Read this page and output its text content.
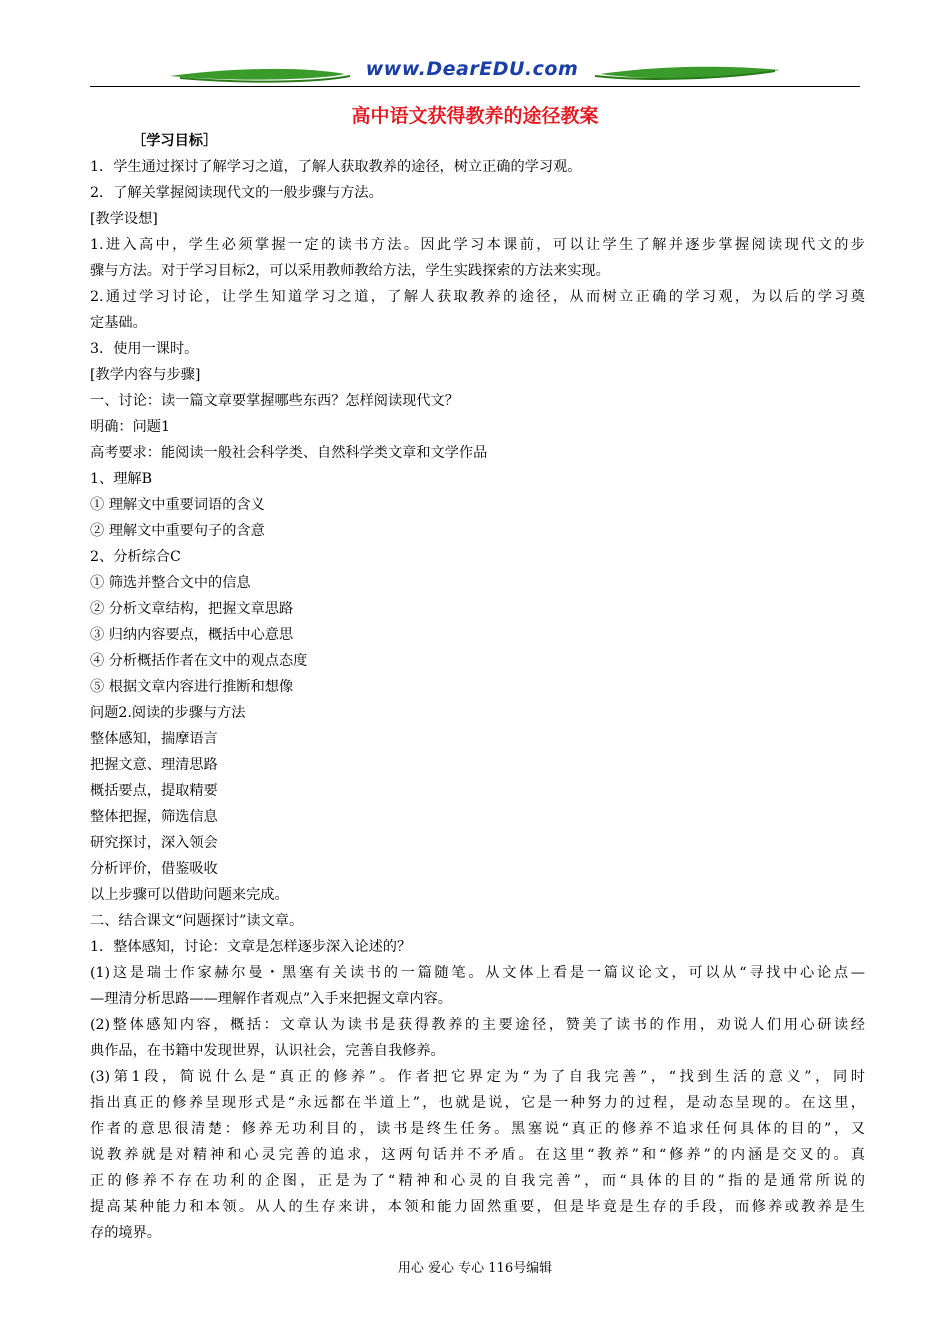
www.DearEDU.com
高中语文获得教养的途径教案
［学习目标］
1．学生通过探讨了解学习之道，了解人获取教养的途径，树立正确的学习观。
2．了解关掌握阅读现代文的一般步骤与方法。
[教学设想]
1.进入高中，学生必须掌握一定的读书方法。因此学习本课前，可以让学生了解并逐步掌握阅读现代文的步
骤与方法。对于学习目标2，可以采用教师教给方法，学生实践探索的方法来实现。
2.通过学习讨论，让学生知道学习之道，了解人获取教养的途径，从而树立正确的学习观，为以后的学习奠
定基础。
3．使用一课时。
[教学内容与步骤]
一、讨论：读一篇文章要掌握哪些东西？怎样阅读现代文？
明确：问题1
高考要求：能阅读一般社会科学类、自然科学类文章和文学作品
1、理解B
① 理解文中重要词语的含义
② 理解文中重要句子的含意
2、分析综合C
① 筛选并整合文中的信息
② 分析文章结构，把握文章思路
③ 归纳内容要点，概括中心意思
④ 分析概括作者在文中的观点态度
⑤ 根据文章内容进行推断和想像
问题2.阅读的步骤与方法
整体感知，揣摩语言
把握文意、理清思路
概括要点，提取精要
整体把握，筛选信息
研究探讨，深入领会
分析评价，借鉴吸收
以上步骤可以借助问题来完成。
二、结合课文“问题探讨”读文章。
1．整体感知，讨论：文章是怎样逐步深入论述的？
(1)这是瑞士作家赫尔曼・黑塞有关读书的一篇随笔。从文体上看是一篇议论文，可以从“寻找中心论点—
—理清分析思路——理解作者观点”入手来把握文章内容。
(2)整体感知内容，概括：文章认为读书是获得教养的主要途径，赞美了读书的作用，劝说人们用心研读经
典作品，在书籍中发现世界，认识社会，完善自我修养。
(3)第1段，简说什么是“真正的修养”。作者把它界定为“为了自我完善”，“找到生活的意义”，同时
指出真正的修养呈现形式是“永远都在半道上”，也就是说，它是一种努力的过程，是动态呈现的。在这里，
作者的意思很清楚：修养无功利目的，读书是终生任务。黑塞说“真正的修养不追求任何具体的目的”，又
说教养就是对精神和心灵完善的追求，这两句话并不矛盾。在这里“教养”和“修养”的内涵是交叉的。真
正的修养不存在功利的企图，正是为了“精神和心灵的自我完善”，而“具体的目的”指的是通常所说的
提高某种能力和本领。从人的生存来讲，本领和能力固然重要，但是毕竟是生存的手段，而修养或教养是生
存的境界。
用心 爱心 专心 116号编辑
